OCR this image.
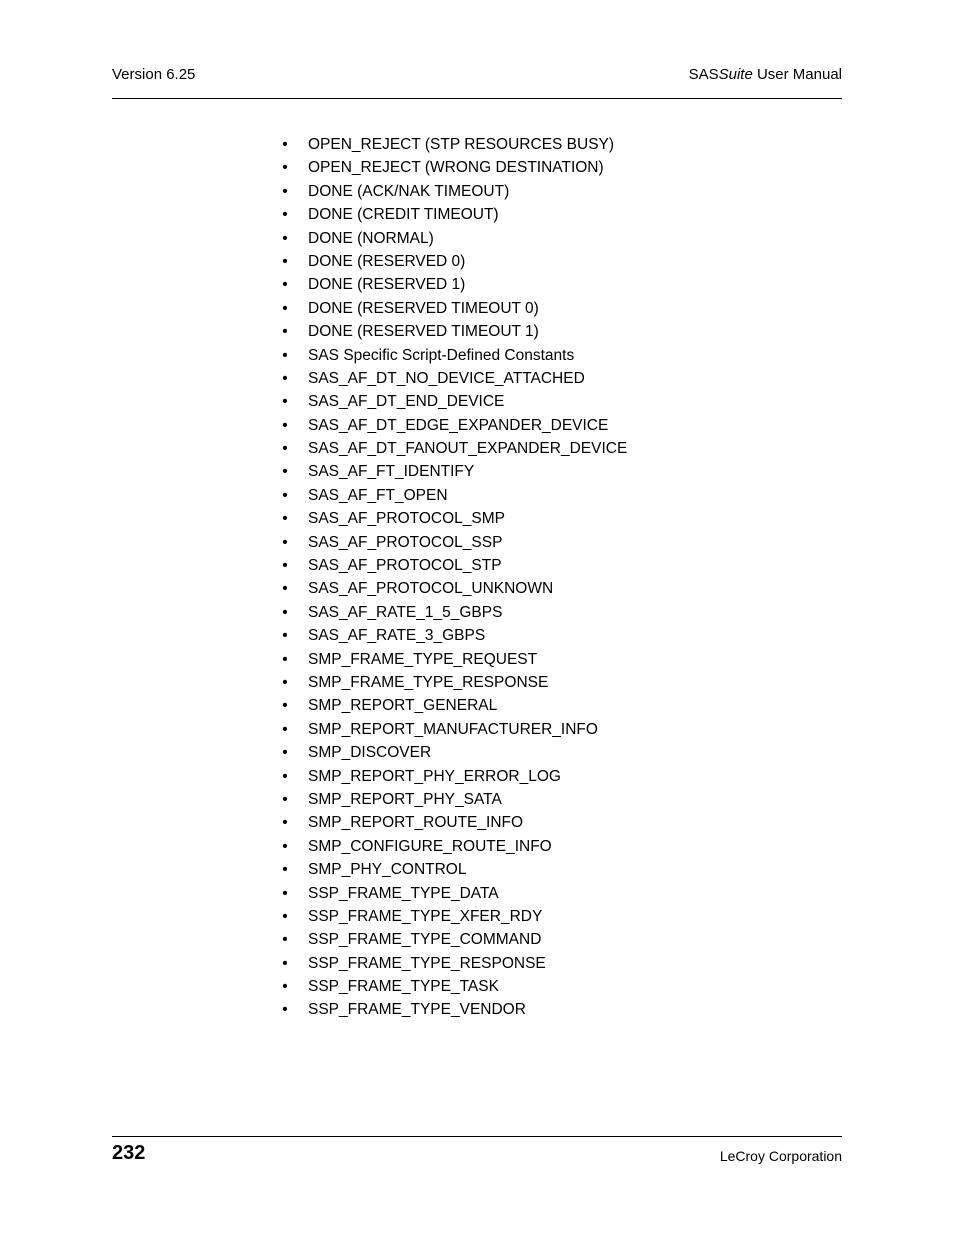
Version 6.25	SASSuite User Manual
• OPEN_REJECT (STP RESOURCES BUSY)
• OPEN_REJECT (WRONG DESTINATION)
• DONE (ACK/NAK TIMEOUT)
• DONE (CREDIT TIMEOUT)
• DONE (NORMAL)
• DONE (RESERVED 0)
• DONE (RESERVED 1)
• DONE (RESERVED TIMEOUT 0)
• DONE (RESERVED TIMEOUT 1)
• SAS Specific Script-Defined Constants
• SAS_AF_DT_NO_DEVICE_ATTACHED
• SAS_AF_DT_END_DEVICE
• SAS_AF_DT_EDGE_EXPANDER_DEVICE
• SAS_AF_DT_FANOUT_EXPANDER_DEVICE
• SAS_AF_FT_IDENTIFY
• SAS_AF_FT_OPEN
• SAS_AF_PROTOCOL_SMP
• SAS_AF_PROTOCOL_SSP
• SAS_AF_PROTOCOL_STP
• SAS_AF_PROTOCOL_UNKNOWN
• SAS_AF_RATE_1_5_GBPS
• SAS_AF_RATE_3_GBPS
• SMP_FRAME_TYPE_REQUEST
• SMP_FRAME_TYPE_RESPONSE
• SMP_REPORT_GENERAL
• SMP_REPORT_MANUFACTURER_INFO
• SMP_DISCOVER
• SMP_REPORT_PHY_ERROR_LOG
• SMP_REPORT_PHY_SATA
• SMP_REPORT_ROUTE_INFO
• SMP_CONFIGURE_ROUTE_INFO
• SMP_PHY_CONTROL
• SSP_FRAME_TYPE_DATA
• SSP_FRAME_TYPE_XFER_RDY
• SSP_FRAME_TYPE_COMMAND
• SSP_FRAME_TYPE_RESPONSE
• SSP_FRAME_TYPE_TASK
• SSP_FRAME_TYPE_VENDOR
232	LeCroy Corporation
